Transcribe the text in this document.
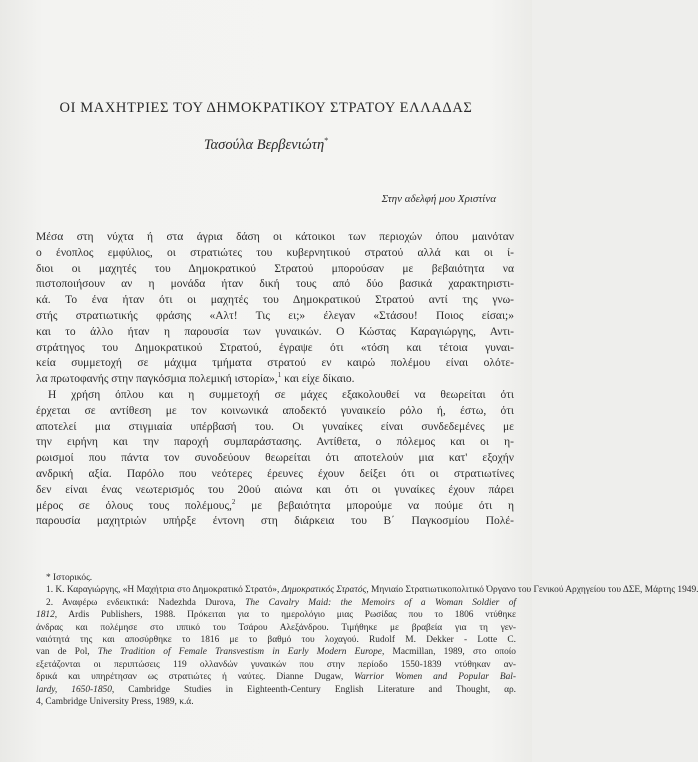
ΟΙ ΜΑΧΗΤΡΙΕΣ ΤΟΥ ΔΗΜΟΚΡΑΤΙΚΟΥ ΣΤΡΑΤΟΥ ΕΛΛΑΔΑΣ
Τασούλα Βερβενιώτη*
Στην αδελφή μου Χριστίνα
Μέσα στη νύχτα ή στα άγρια δάση οι κάτοικοι των περιοχών όπου μαινόταν
ο ένοπλος εμφύλιος, οι στρατιώτες του κυβερνητικού στρατού αλλά και οι ί-
διοι οι μαχητές του Δημοκρατικού Στρατού μπορούσαν με βεβαιότητα να
πιστοποιήσουν αν η μονάδα ήταν δική τους από δύο βασικά χαρακτηριστι-
κά. Το ένα ήταν ότι οι μαχητές του Δημοκρατικού Στρατού αντί της γνω-
στής στρατιωτικής φράσης «Αλτ! Τις ει;» έλεγαν «Στάσου! Ποιος είσαι;»
και το άλλο ήταν η παρουσία των γυναικών. Ο Κώστας Καραγιώργης, Αντι-
στράτηγος του Δημοκρατικού Στρατού, έγραψε ότι «τόση και τέτοια γυναι-
κεία συμμετοχή σε μάχιμα τμήματα στρατού εν καιρώ πολέμου είναι ολότε-
λα πρωτοφανής στην παγκόσμια πολεμική ιστορία»,$^1$ και είχε δίκαιο.
Η χρήση όπλου και η συμμετοχή σε μάχες εξακολουθεί να θεωρείται ότι
έρχεται σε αντίθεση με τον κοινωνικά αποδεκτό γυναικείο ρόλο ή, έστω, ότι
αποτελεί μια στιγμιαία υπέρβασή του. Οι γυναίκες είναι συνδεδεμένες με
την ειρήνη και την παροχή συμπαράστασης. Αντίθετα, ο πόλεμος και οι η-
ρωισμοί που πάντα τον συνοδεύουν θεωρείται ότι αποτελούν μια κατ' εξοχήν
ανδρική αξία. Παρόλο που νεότερες έρευνες έχουν δείξει ότι οι στρατιωτίνες
δεν είναι ένας νεωτερισμός του 20ού αιώνα και ότι οι γυναίκες έχουν πάρει
μέρος σε όλους τους πολέμους,$^2$ με βεβαιότητα μπορούμε να πούμε ότι η
παρουσία μαχητριών υπήρξε έντονη στη διάρκεια του Β΄ Παγκοσμίου Πολέ-
* Ιστορικός.
1. Κ. Καραγιώργης, «Η Μαχήτρια στο Δημοκρατικό Στρατό», Δημοκρατικός Στρατός, Μηνιαίο Στρατιωτικοπολιτικό Όργανο του Γενικού Αρχηγείου του ΔΣΕ, Μάρτης 1949.
2. Αναφέρω ενδεικτικά: Nadezhda Durova, The Cavalry Maid: the Memoirs of a Woman Soldier of
1812, Ardis Publishers, 1988. Πρόκειται για το ημερολόγιο μιας Ρωσίδας που το 1806 ντύθηκε
άνδρας και πολέμησε στο ιππικό του Τσάρου Αλεξάνδρου. Τιμήθηκε με βραβεία για τη γεν-
ναιότητά της και αποσύρθηκε το 1816 με το βαθμό του λοχαγού. Rudolf M. Dekker - Lotte C.
van de Pol, The Tradition of Female Transvestism in Early Modern Europe, Macmillan, 1989, στο οποίο
εξετάζονται οι περιπτώσεις 119 ολλανδών γυναικών που στην περίοδο 1550-1839 ντύθηκαν αν-
δρικά και υπηρέτησαν ως στρατιώτες ή ναύτες. Dianne Dugaw, Warrior Women and Popular Bal-
lardy, 1650-1850, Cambridge Studies in Eighteenth-Century English Literature and Thought, αρ.
4, Cambridge University Press, 1989, κ.ά.
